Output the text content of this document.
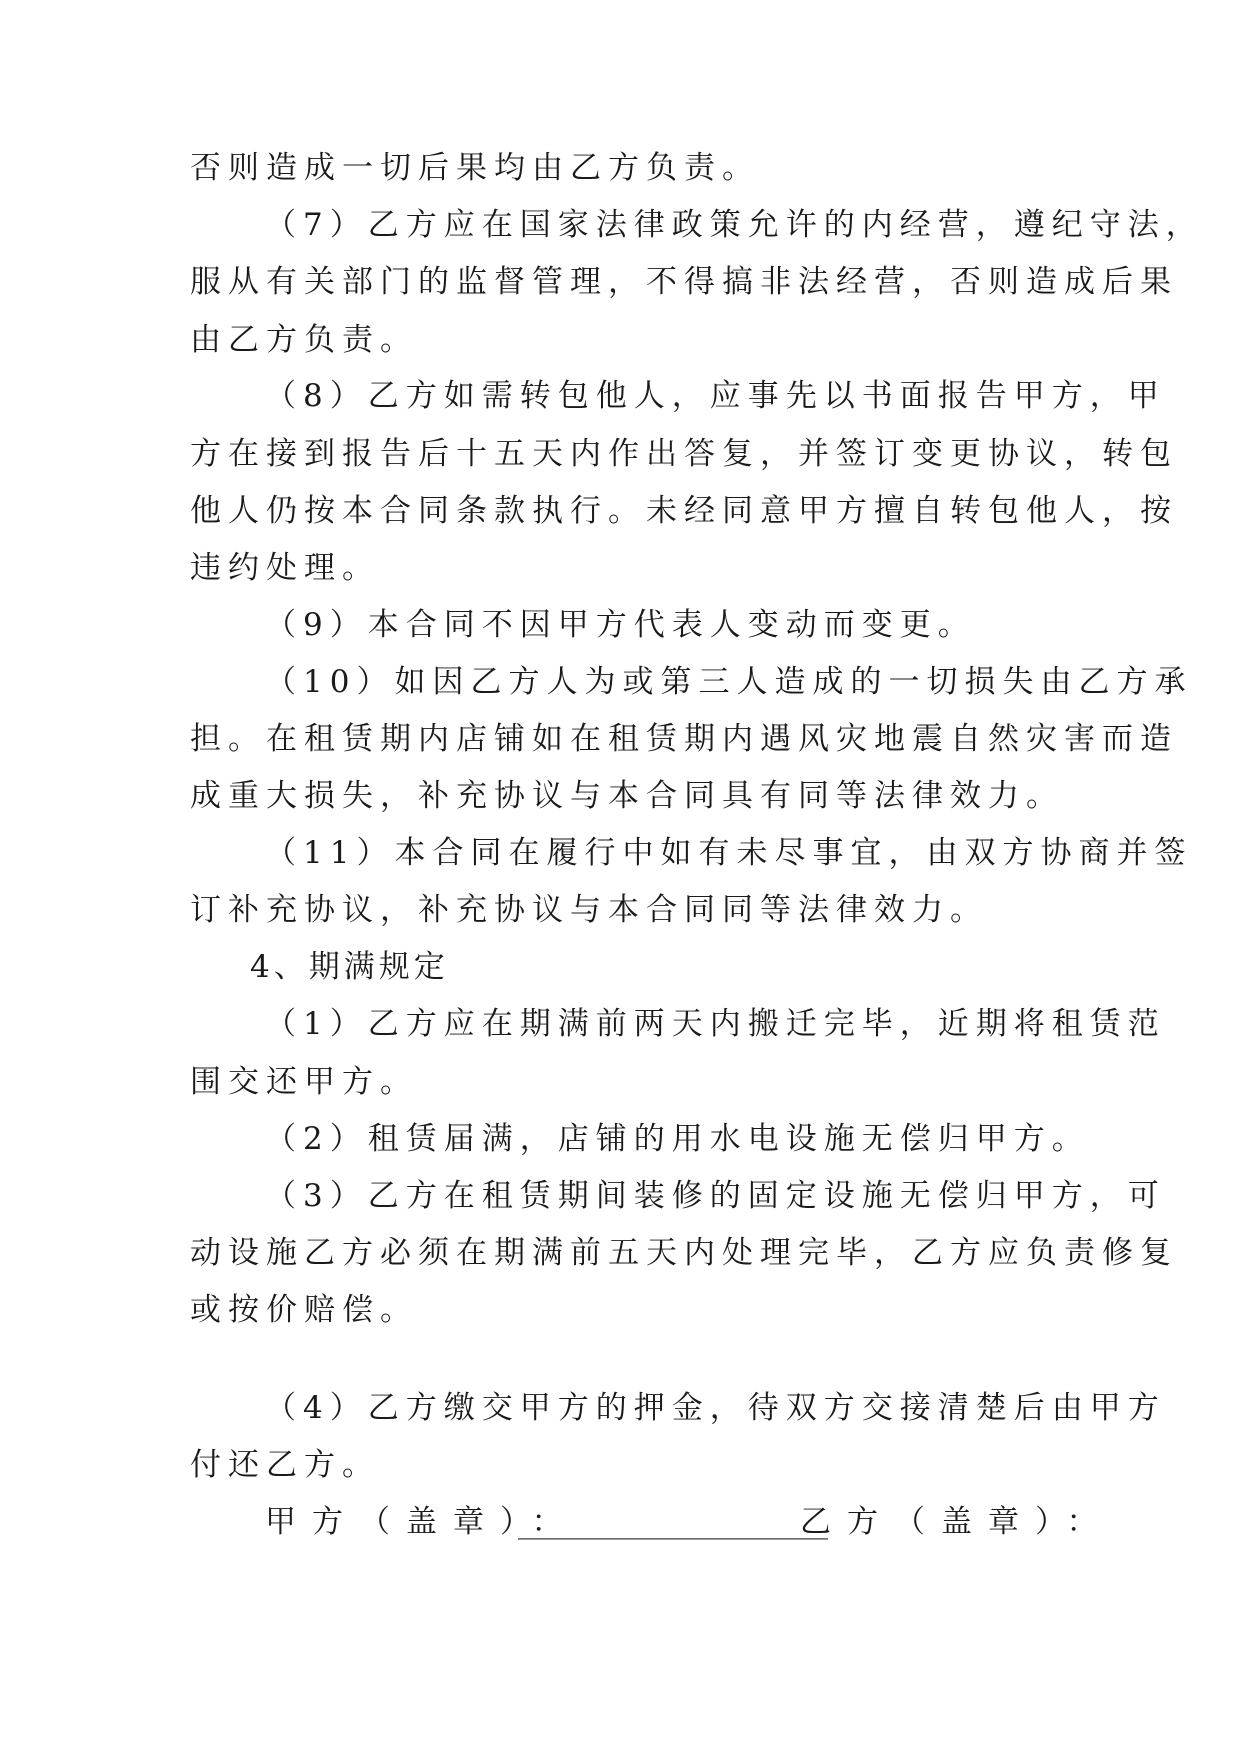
否则造成一切后果均由乙方负责。
（7）乙方应在国家法律政策允许的内经营，遵纪守法，
服从有关部门的监督管理，不得搞非法经营，否则造成后果
由乙方负责。
（8）乙方如需转包他人，应事先以书面报告甲方，甲
方在接到报告后十五天内作出答复，并签订变更协议，转包
他人仍按本合同条款执行。未经同意甲方擅自转包他人，按
违约处理。
（9）本合同不因甲方代表人变动而变更。
（10）如因乙方人为或第三人造成的一切损失由乙方承
担。在租赁期内店铺如在租赁期内遇风灾地震自然灾害而造
成重大损失，补充协议与本合同具有同等法律效力。
（11）本合同在履行中如有未尽事宜，由双方协商并签
订补充协议，补充协议与本合同同等法律效力。
4、期满规定
（1）乙方应在期满前两天内搬迁完毕，近期将租赁范
围交还甲方。
（2）租赁届满，店铺的用水电设施无偿归甲方。
（3）乙方在租赁期间装修的固定设施无偿归甲方，可
动设施乙方必须在期满前五天内处理完毕，乙方应负责修复
或按价赔偿。
（4）乙方缴交甲方的押金，待双方交接清楚后由甲方
付还乙方。
甲方（盖章）：
____________________
乙方（盖章）：
